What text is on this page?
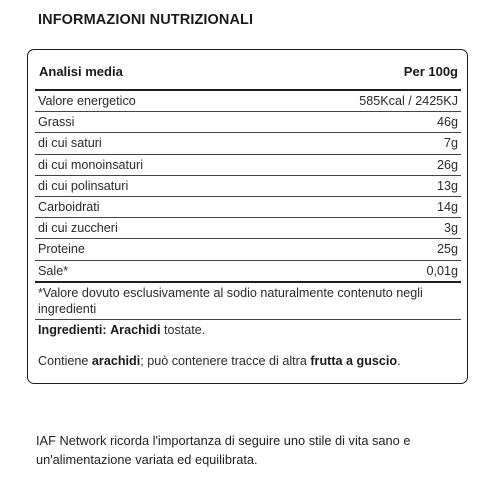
INFORMAZIONI NUTRIZIONALI
Analisi media	Per 100g
Valore energetico	585Kcal / 2425KJ
Grassi	46g
di cui saturi	7g
di cui monoinsaturi	26g
di cui polinsaturi	13g
Carboidrati	14g
di cui zuccheri	3g
Proteine	25g
Sale*	0,01g
*Valore dovuto esclusivamente al sodio naturalmente contenuto negli ingredienti
Ingredienti: Arachidi tostate.
Contiene arachidi; può contenere tracce di altra frutta a guscio.
IAF Network ricorda l'importanza di seguire uno stile di vita sano e un'alimentazione variata ed equilibrata.
